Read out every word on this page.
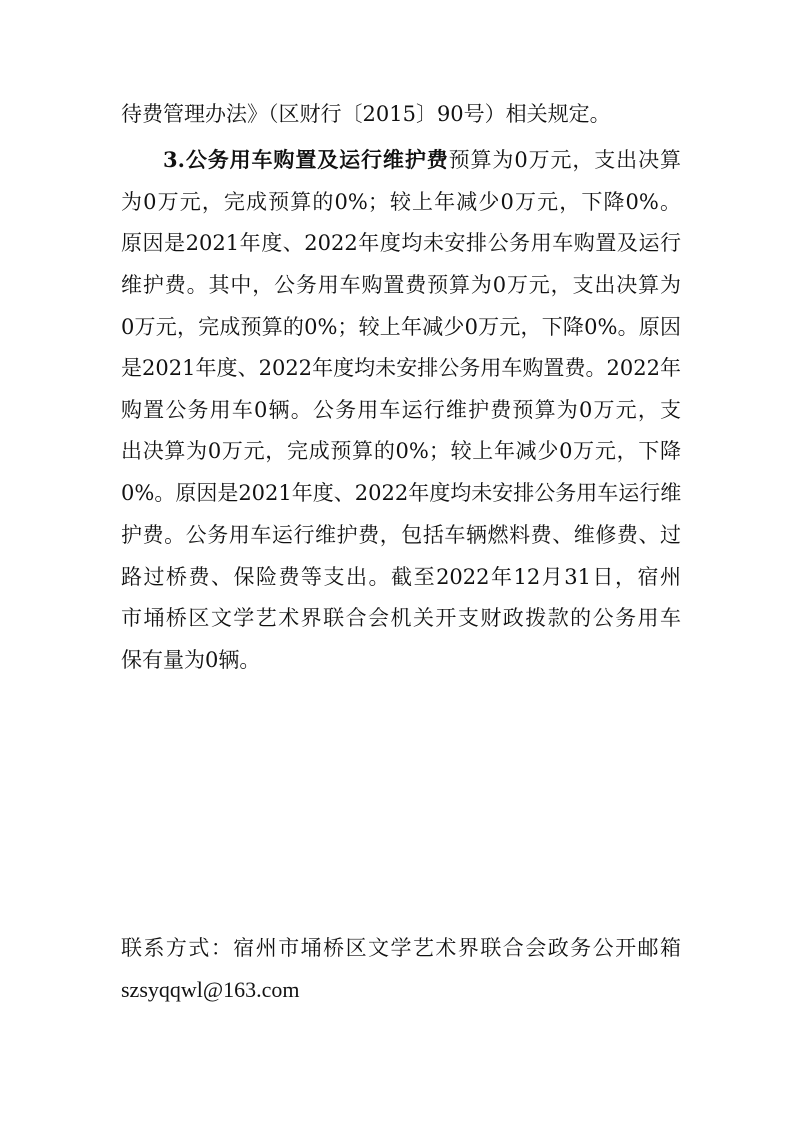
待费管理办法》（区财行〔2015〕90号）相关规定。
3.公务用车购置及运行维护费预算为0万元，支出决算
为0万元，完成预算的0%；较上年减少0万元，下降0%。
原因是2021年度、2022年度均未安排公务用车购置及运行
维护费。其中，公务用车购置费预算为0万元，支出决算为
0万元，完成预算的0%；较上年减少0万元，下降0%。原因
是2021年度、2022年度均未安排公务用车购置费。2022年
购置公务用车0辆。公务用车运行维护费预算为0万元，支
出决算为0万元，完成预算的0%；较上年减少0万元，下降
0%。原因是2021年度、2022年度均未安排公务用车运行维
护费。公务用车运行维护费，包括车辆燃料费、维修费、过
路过桥费、保险费等支出。截至2022年12月31日，宿州
市埇桥区文学艺术界联合会机关开支财政拨款的公务用车
保有量为0辆。
联系方式：宿州市埇桥区文学艺术界联合会政务公开邮箱
szsyqqwl@163.com
